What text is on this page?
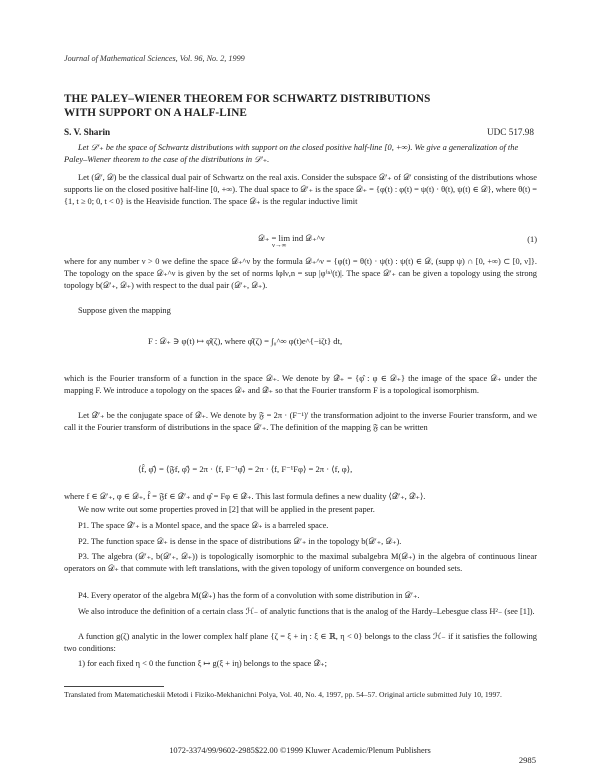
Journal of Mathematical Sciences, Vol. 96, No. 2, 1999
THE PALEY–WIENER THEOREM FOR SCHWARTZ DISTRIBUTIONS
WITH SUPPORT ON A HALF-LINE
S. V. Sharin	UDC 517.98
Let 𝒟′₊ be the space of Schwartz distributions with support on the closed positive half-line [0, +∞). We give a generalization of the Paley–Wiener theorem to the case of the distributions in 𝒟′₊.
Let (𝒟′, 𝒟) be the classical dual pair of Schwartz on the real axis. Consider the subspace 𝒟′₊ of 𝒟′ consisting of the distributions whose supports lie on the closed positive half-line [0, +∞). The dual space to 𝒟′₊ is the space 𝒟₊ = {φ(t) : φ(t) = ψ(t) · θ(t), ψ(t) ∈ 𝒟}, where θ(t) = {1, t ≥ 0; 0, t < 0} is the Heaviside function. The space 𝒟₊ is the regular inductive limit
𝒟₊ = lim ind 𝒟₊^ν
ν→∞
(1)
where for any number ν > 0 we define the space 𝒟₊^ν by the formula 𝒟₊^ν = {φ(t) = θ(t) · ψ(t) : ψ(t) ∈ 𝒟, (supp ψ) ∩ [0, +∞) ⊂ [0, ν]}. The topology on the space 𝒟₊^ν is given by the set of norms ‖φ‖ν,n = sup |φ⁽ⁿ⁾(t)|. The space 𝒟′₊ can be given a topology using the strong topology b(𝒟′₊, 𝒟₊) with respect to the dual pair (𝒟′₊, 𝒟₊).
Suppose given the mapping
F : 𝒟₊ ∋ φ(t) ↦ φ̂(ζ), where φ̂(ζ) = ∫₀^∞ φ(t)e^{−iζt} dt,
which is the Fourier transform of a function in the space 𝒟₊. We denote by 𝒟̂₊ = {φ̂ : φ ∈ 𝒟₊} the image of the space 𝒟₊ under the mapping F. We introduce a topology on the spaces 𝒟₊ and 𝒟̂₊ so that the Fourier transform F is a topological isomorphism.
Let 𝒟̂′₊ be the conjugate space of 𝒟̂₊. We denote by 𝔉 = 2π · (F⁻¹)′ the transformation adjoint to the inverse Fourier transform, and we call it the Fourier transform of distributions in the space 𝒟′₊. The definition of the mapping 𝔉 can be written
⟨f̂, φ̂⟩ = ⟨𝔉f, φ̂⟩ = 2π · ⟨f, F⁻¹φ̂⟩ = 2π · ⟨f, F⁻¹Fφ⟩ = 2π · ⟨f, φ⟩,
where f ∈ 𝒟′₊, φ ∈ 𝒟₊, f̂ = 𝔉f ∈ 𝒟̂′₊ and φ̂ = Fφ ∈ 𝒟̂₊. This last formula defines a new duality ⟨𝒟̂′₊, 𝒟̂₊⟩.
We now write out some properties proved in [2] that will be applied in the present paper.
P1. The space 𝒟̂′₊ is a Montel space, and the space 𝒟₊ is a barreled space.
P2. The function space 𝒟₊ is dense in the space of distributions 𝒟′₊ in the topology b(𝒟′₊, 𝒟₊).
P3. The algebra (𝒟′₊, b(𝒟′₊, 𝒟₊)) is topologically isomorphic to the maximal subalgebra M(𝒟₊) in the algebra of continuous linear operators on 𝒟₊ that commute with left translations, with the given topology of uniform convergence on bounded sets.
P4. Every operator of the algebra M(𝒟₊) has the form of a convolution with some distribution in 𝒟′₊.
We also introduce the definition of a certain class ℋ₋ of analytic functions that is the analog of the Hardy–Lebesgue class H²₋ (see [1]).
A function g(ζ) analytic in the lower complex half plane {ζ = ξ + iη : ξ ∈ ℝ, η < 0} belongs to the class ℋ₋ if it satisfies the following two conditions:
1) for each fixed η < 0 the function ξ ↦ g(ξ + iη) belongs to the space 𝒟̂₊;
Translated from Matematicheskii Metodi i Fiziko-Mekhanichni Polya, Vol. 40, No. 4, 1997, pp. 54–57. Original article submitted July 10, 1997.
1072-3374/99/9602-2985$22.00 ©1999 Kluwer Academic/Plenum Publishers
2985
